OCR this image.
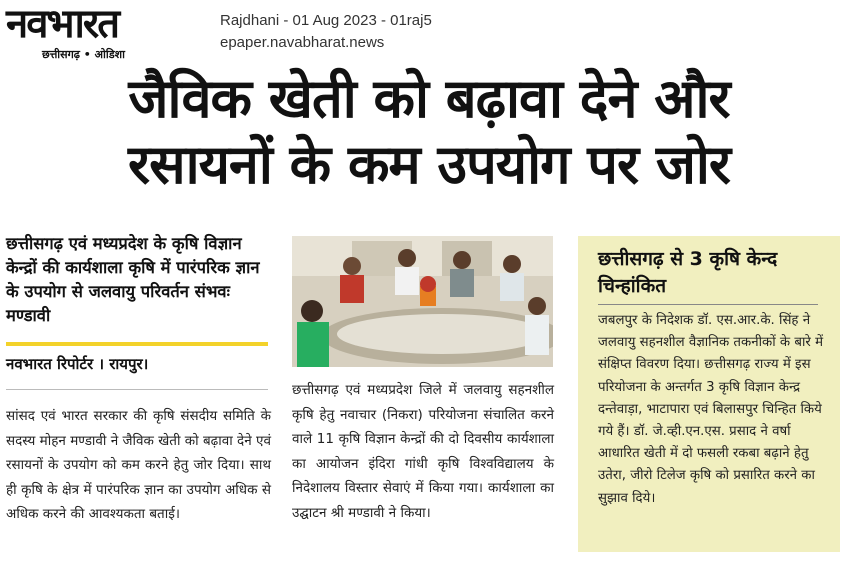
नवभारत
छत्तीसगढ़ • ओडिशा
Rajdhani - 01 Aug 2023 - 01raj5
epaper.navabharat.news
जैविक खेती को बढ़ावा देने और
रसायनों के कम उपयोग पर जोर
छत्तीसगढ़ एवं मध्यप्रदेश के कृषि विज्ञान केन्द्रों की कार्यशाला कृषि में पारंपरिक ज्ञान के उपयोग से जलवायु परिवर्तन संभवः मण्डावी
नवभारत रिपोर्टर । रायपुर।
सांसद एवं भारत सरकार की कृषि संसदीय समिति के सदस्य मोहन मण्डावी ने जैविक खेती को बढ़ावा देने एवं रसायनों के उपयोग को कम करने हेतु जोर दिया। साथ ही कृषि के क्षेत्र में पारंपरिक ज्ञान का उपयोग अधिक से अधिक करने की आवश्यकता बताई।
छत्तीसगढ़ एवं मध्यप्रदेश जिले में जलवायु सहनशील कृषि हेतु नवाचार (निकरा) परियोजना संचालित करने वाले 11 कृषि विज्ञान केन्द्रों की दो दिवसीय कार्यशाला का आयोजन इंदिरा गांधी कृषि विश्वविद्यालय के निदेशालय विस्तार सेवाएं में किया गया। कार्यशाला का उद्घाटन श्री मण्डावी ने किया।
छत्तीसगढ़ से 3 कृषि केन्द चिन्हांकित
जबलपुर के निदेशक डॉ. एस.आर.के. सिंह ने जलवायु सहनशील वैज्ञानिक तकनीकों के बारे में संक्षिप्त विवरण दिया। छत्तीसगढ़ राज्य में इस परियोजना के अन्तर्गत 3 कृषि विज्ञान केन्द्र दन्तेवाड़ा, भाटापारा एवं बिलासपुर चिन्हित किये गये हैं। डॉ. जे.व्ही.एन.एस. प्रसाद ने वर्षा आधारित खेती में दो फसली रकबा बढ़ाने हेतु उतेरा, जीरो टिलेज कृषि को प्रसारित करने का सुझाव दिये।
